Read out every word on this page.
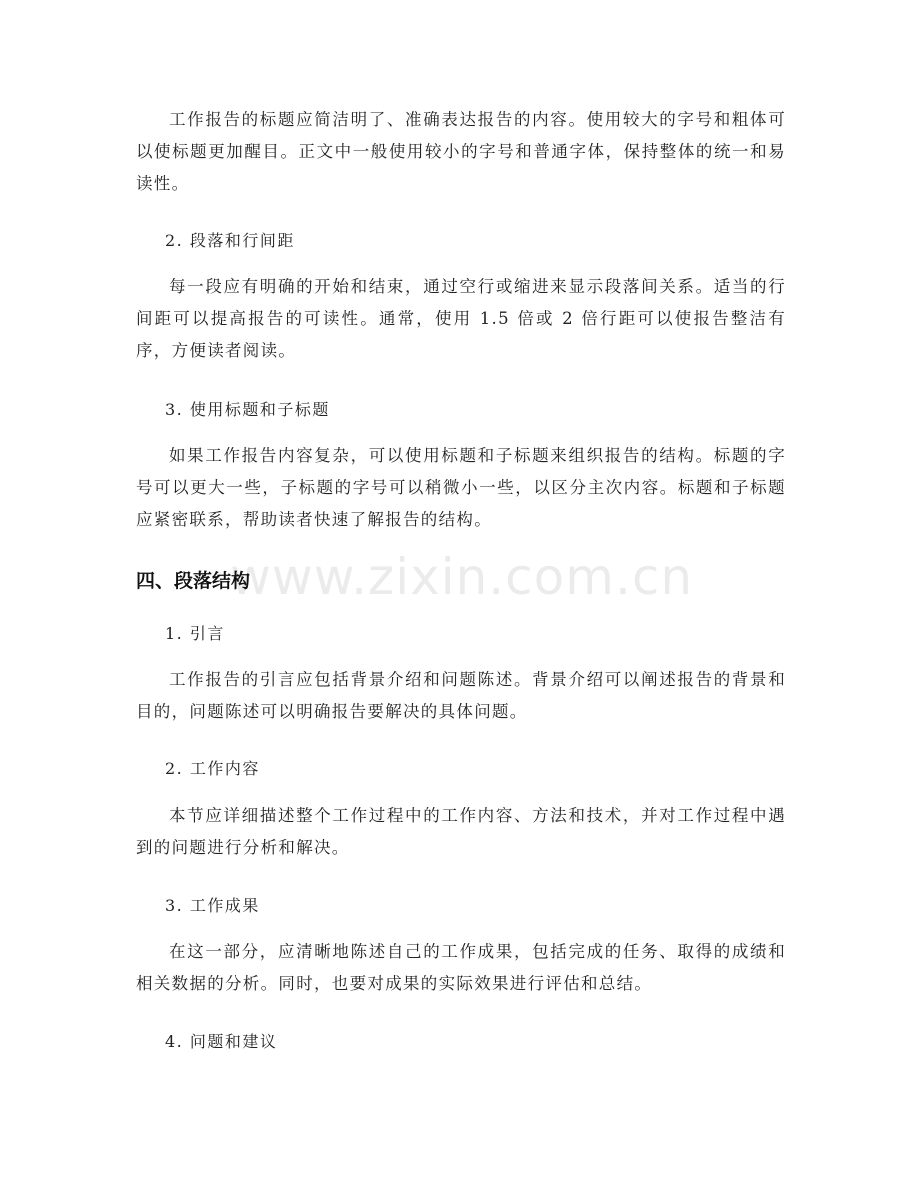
www.zixin.com.cn

工作报告的标题应简洁明了、准确表达报告的内容。使用较大的字号和粗体可以使标题更加醒目。正文中一般使用较小的字号和普通字体，保持整体的统一和易读性。

2. 段落和行间距

每一段应有明确的开始和结束，通过空行或缩进来显示段落间关系。适当的行间距可以提高报告的可读性。通常，使用 1.5 倍或 2 倍行距可以使报告整洁有序，方便读者阅读。

3. 使用标题和子标题

如果工作报告内容复杂，可以使用标题和子标题来组织报告的结构。标题的字号可以更大一些，子标题的字号可以稍微小一些，以区分主次内容。标题和子标题应紧密联系，帮助读者快速了解报告的结构。

四、段落结构

1. 引言

工作报告的引言应包括背景介绍和问题陈述。背景介绍可以阐述报告的背景和目的，问题陈述可以明确报告要解决的具体问题。

2. 工作内容

本节应详细描述整个工作过程中的工作内容、方法和技术，并对工作过程中遇到的问题进行分析和解决。

3. 工作成果

在这一部分，应清晰地陈述自己的工作成果，包括完成的任务、取得的成绩和相关数据的分析。同时，也要对成果的实际效果进行评估和总结。

4. 问题和建议
